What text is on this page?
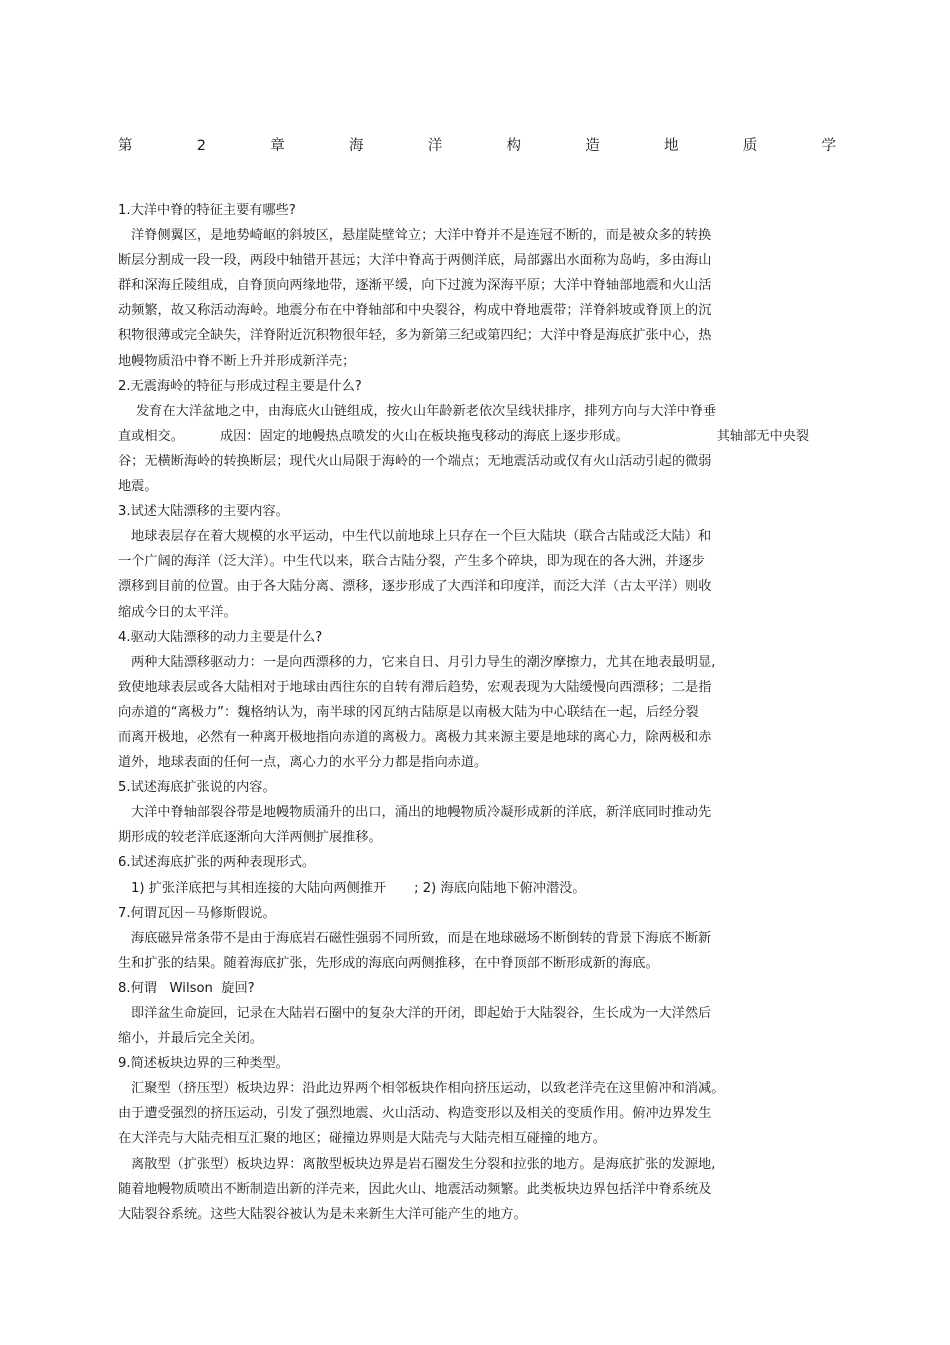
第	2	章	海	洋	构	造	地	质	学
1.大洋中脊的特征主要有哪些?
洋脊侧翼区，是地势崎岖的斜坡区，悬崖陡壁耸立；大洋中脊并不是连冠不断的，而是被众多的转换
断层分割成一段一段，两段中轴错开甚远；大洋中脊高于两侧洋底，局部露出水面称为岛屿，多由海山
群和深海丘陵组成，自脊顶向两缘地带，逐渐平缓，向下过渡为深海平原；大洋中脊轴部地震和火山活
动频繁，故又称活动海岭。地震分布在中脊轴部和中央裂谷，构成中脊地震带；洋脊斜坡或脊顶上的沉
积物很薄或完全缺失，洋脊附近沉积物很年轻，多为新第三纪或第四纪；大洋中脊是海底扩张中心，热
地幔物质沿中脊不断上升并形成新洋壳；
2.无震海岭的特征与形成过程主要是什么?
发育在大洋盆地之中，由海底火山链组成，按火山年龄新老依次呈线状排序，排列方向与大洋中脊垂
直或相交。	成因：固定的地幔热点喷发的火山在板块拖曳移动的海底上逐步形成。	其轴部无中央裂
谷；无横断海岭的转换断层；现代火山局限于海岭的一个端点；无地震活动或仅有火山活动引起的微弱
地震。
3.试述大陆漂移的主要内容。
地球表层存在着大规模的水平运动，中生代以前地球上只存在一个巨大陆块（联合古陆或泛大陆）和
一个广阔的海洋（泛大洋）。中生代以来，联合古陆分裂，产生多个碎块，即为现在的各大洲，并逐步
漂移到目前的位置。由于各大陆分离、漂移，逐步形成了大西洋和印度洋，而泛大洋（古太平洋）则收
缩成今日的太平洋。
4.驱动大陆漂移的动力主要是什么?
两种大陆漂移驱动力：一是向西漂移的力，它来自日、月引力导生的潮汐摩擦力，尤其在地表最明显,
致使地球表层或各大陆相对于地球由西往东的自转有滞后趋势，宏观表现为大陆缓慢向西漂移；二是指
向赤道的“离极力”：魏格纳认为，南半球的冈瓦纳古陆原是以南极大陆为中心联结在一起，后经分裂
而离开极地，必然有一种离开极地指向赤道的离极力。离极力其来源主要是地球的离心力，除两极和赤
道外，地球表面的任何一点，离心力的水平分力都是指向赤道。
5.试述海底扩张说的内容。
大洋中脊轴部裂谷带是地幔物质涌升的出口，涌出的地幔物质冷凝形成新的洋底，新洋底同时推动先
期形成的较老洋底逐渐向大洋两侧扩展推移。
6.试述海底扩张的两种表现形式。
1) 扩张洋底把与其相连接的大陆向两侧推开 ; 2) 海底向陆地下俯冲潜没。
7.何谓瓦因－马修斯假说。
海底磁异常条带不是由于海底岩石磁性强弱不同所致，而是在地球磁场不断倒转的背景下海底不断新
生和扩张的结果。随着海底扩张，先形成的海底向两侧推移，在中脊顶部不断形成新的海底。
8.何谓   Wilson  旋回?
即洋盆生命旋回，记录在大陆岩石圈中的复杂大洋的开闭，即起始于大陆裂谷，生长成为一大洋然后
缩小，并最后完全关闭。
9.简述板块边界的三种类型。
汇聚型（挤压型）板块边界：沿此边界两个相邻板块作相向挤压运动，以致老洋壳在这里俯冲和消减。
由于遭受强烈的挤压运动，引发了强烈地震、火山活动、构造变形以及相关的变质作用。俯冲边界发生
在大洋壳与大陆壳相互汇聚的地区；碰撞边界则是大陆壳与大陆壳相互碰撞的地方。
离散型（扩张型）板块边界：离散型板块边界是岩石圈发生分裂和拉张的地方。是海底扩张的发源地,
随着地幔物质喷出不断制造出新的洋壳来，因此火山、地震活动频繁。此类板块边界包括洋中脊系统及
大陆裂谷系统。这些大陆裂谷被认为是未来新生大洋可能产生的地方。
